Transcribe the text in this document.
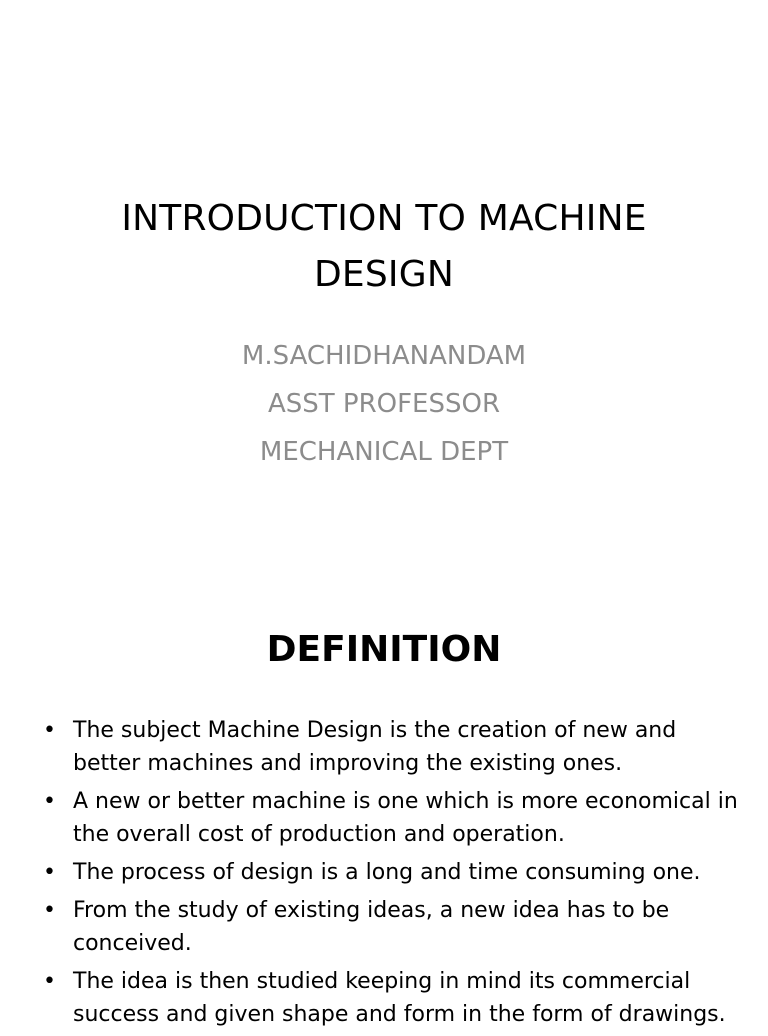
INTRODUCTION TO MACHINE
DESIGN
M.SACHIDHANANDAM
ASST PROFESSOR
MECHANICAL DEPT
DEFINITION
• The subject Machine Design is the creation of new and better machines and improving the existing ones.
• A new or better machine is one which is more economical in the overall cost of production and operation.
• The process of design is a long and time consuming one.
• From the study of existing ideas, a new idea has to be conceived.
• The idea is then studied keeping in mind its commercial success and given shape and form in the form of drawings.
